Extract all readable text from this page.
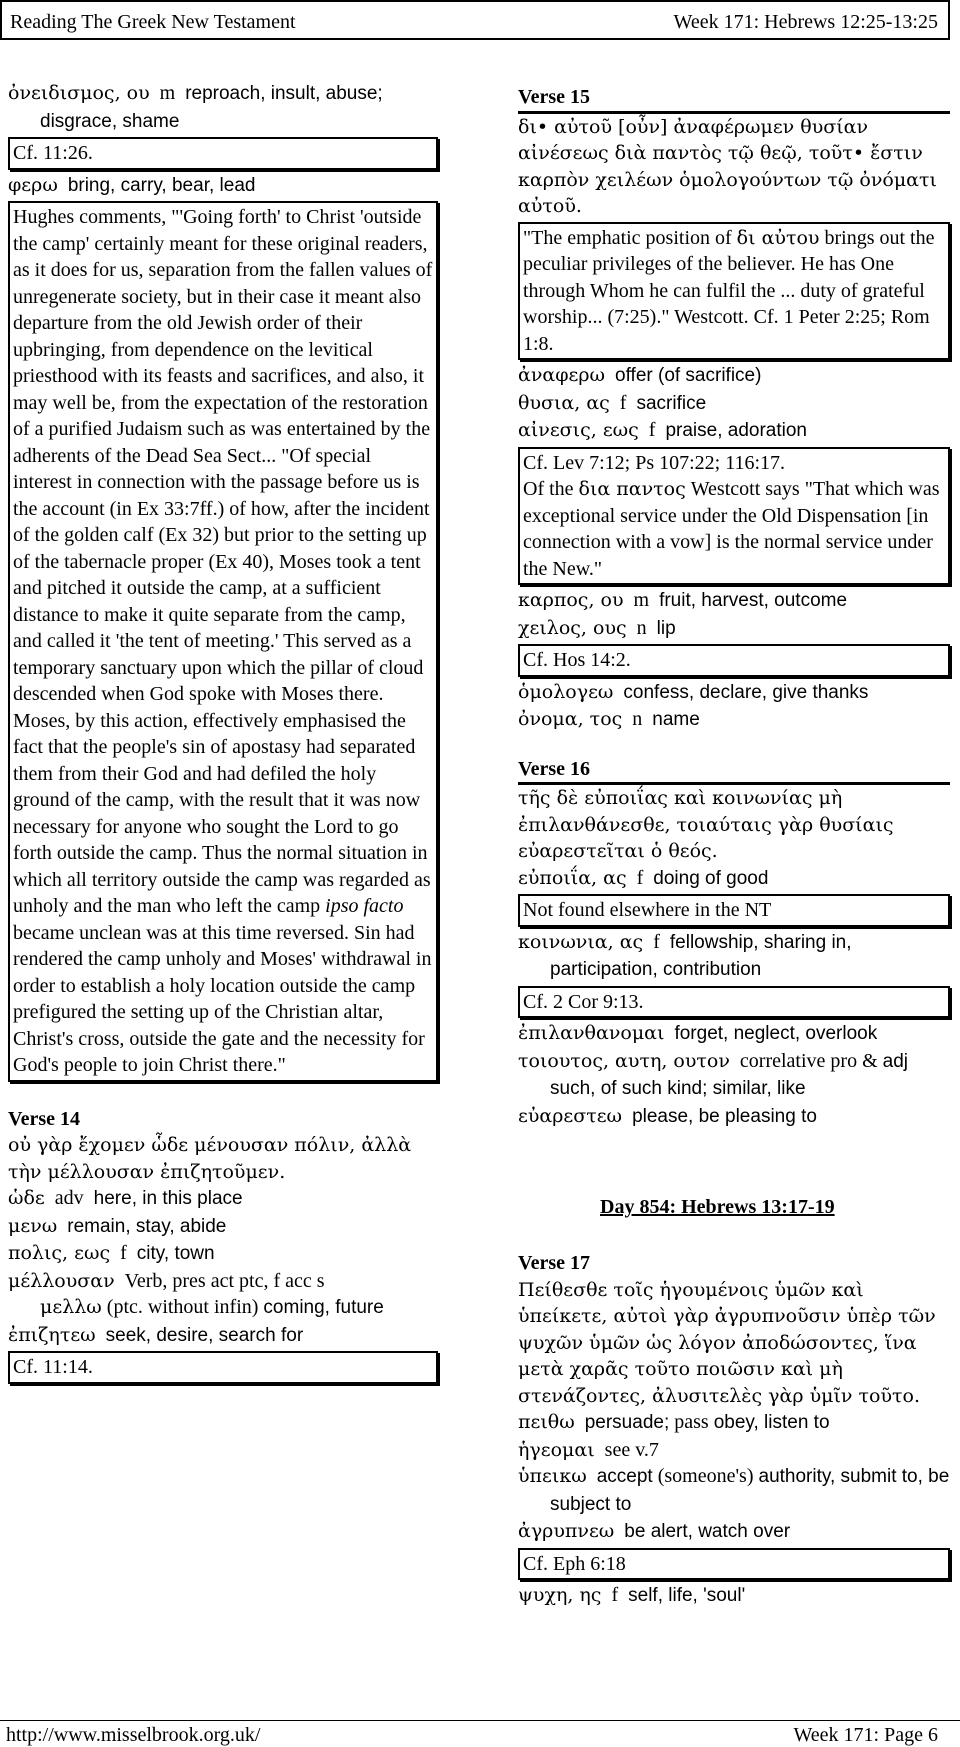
Reading The Greek New Testament	Week 171: Hebrews 12:25-13:25
ὀνειδισμος, ου m reproach, insult, abuse; disgrace, shame
Cf. 11:26.
φερω bring, carry, bear, lead
Hughes comments, "'Going forth' to Christ 'outside the camp' certainly meant for these original readers, as it does for us, separation from the fallen values of unregenerate society, but in their case it meant also departure from the old Jewish order of their upbringing, from dependence on the levitical priesthood with its feasts and sacrifices, and also, it may well be, from the expectation of the restoration of a purified Judaism such as was entertained by the adherents of the Dead Sea Sect... "Of special interest in connection with the passage before us is the account (in Ex 33:7ff.) of how, after the incident of the golden calf (Ex 32) but prior to the setting up of the tabernacle proper (Ex 40), Moses took a tent and pitched it outside the camp, at a sufficient distance to make it quite separate from the camp, and called it 'the tent of meeting.' This served as a temporary sanctuary upon which the pillar of cloud descended when God spoke with Moses there. Moses, by this action, effectively emphasised the fact that the people's sin of apostasy had separated them from their God and had defiled the holy ground of the camp, with the result that it was now necessary for anyone who sought the Lord to go forth outside the camp. Thus the normal situation in which all territory outside the camp was regarded as unholy and the man who left the camp ipso facto became unclean was at this time reversed. Sin had rendered the camp unholy and Moses' withdrawal in order to establish a holy location outside the camp prefigured the setting up of the Christian altar, Christ's cross, outside the gate and the necessity for God's people to join Christ there."
Verse 14
οὐ γὰρ ἔχομεν ὧδε μένουσαν πόλιν, ἀλλὰ τὴν μέλλουσαν ἐπιζητοῦμεν.
ὡδε adv here, in this place
μενω remain, stay, abide
πολις, εως f city, town
μέλλουσαν Verb, pres act ptc, f acc s
μελλω (ptc. without infin) coming, future
ἐπιζητεω seek, desire, search for
Cf. 11:14.
Verse 15
δι• αὐτοῦ [οὖν] ἀναφέρωμεν θυσίαν αἰνέσεως διὰ παντὸς τῷ θεῷ, τοῦτ• ἔστιν καρπὸν χειλέων ὁμολογούντων τῷ ὀνόματι αὐτοῦ.
"The emphatic position of δι αὐτου brings out the peculiar privileges of the believer. He has One through Whom he can fulfil the ... duty of grateful worship... (7:25)." Westcott. Cf. 1 Peter 2:25; Rom 1:8.
ἀναφερω offer (of sacrifice)
θυσια, ας f sacrifice
αἰνεσις, εως f praise, adoration
Cf. Lev 7:12; Ps 107:22; 116:17.
Of the δια παντος Westcott says "That which was exceptional service under the Old Dispensation [in connection with a vow] is the normal service under the New."
καρπος, ου m fruit, harvest, outcome
χειλος, ους n lip
Cf. Hos 14:2.
ὁμολογεω confess, declare, give thanks
ὀνομα, τος n name
Verse 16
τῆς δὲ εὐποιΐας καὶ κοινωνίας μὴ ἐπιλανθάνεσθε, τοιαύταις γὰρ θυσίαις εὐαρεστεῖται ὁ θεός.
εὐποιΐα, ας f doing of good
Not found elsewhere in the NT
κοινωνια, ας f fellowship, sharing in, participation, contribution
Cf. 2 Cor 9:13.
ἐπιλανθανομαι forget, neglect, overlook
τοιουτος, αυτη, ουτον correlative pro & adj such, of such kind; similar, like
εὐαρεστεω please, be pleasing to
Day 854: Hebrews 13:17-19
Verse 17
Πείθεσθε τοῖς ἡγουμένοις ὑμῶν καὶ ὑπείκετε, αὐτοὶ γὰρ ἀγρυπνοῦσιν ὑπὲρ τῶν ψυχῶν ὑμῶν ὡς λόγον ἀποδώσοντες, ἵνα μετὰ χαρᾶς τοῦτο ποιῶσιν καὶ μὴ στενάζοντες, ἀλυσιτελὲς γὰρ ὑμῖν τοῦτο.
πειθω persuade; pass obey, listen to
ἡγεομαι see v.7
ὑπεικω accept (someone's) authority, submit to, be subject to
ἀγρυπνεω be alert, watch over
Cf. Eph 6:18
ψυχη, ης f self, life, 'soul'
http://www.misselbrook.org.uk/	Week 171: Page 6
